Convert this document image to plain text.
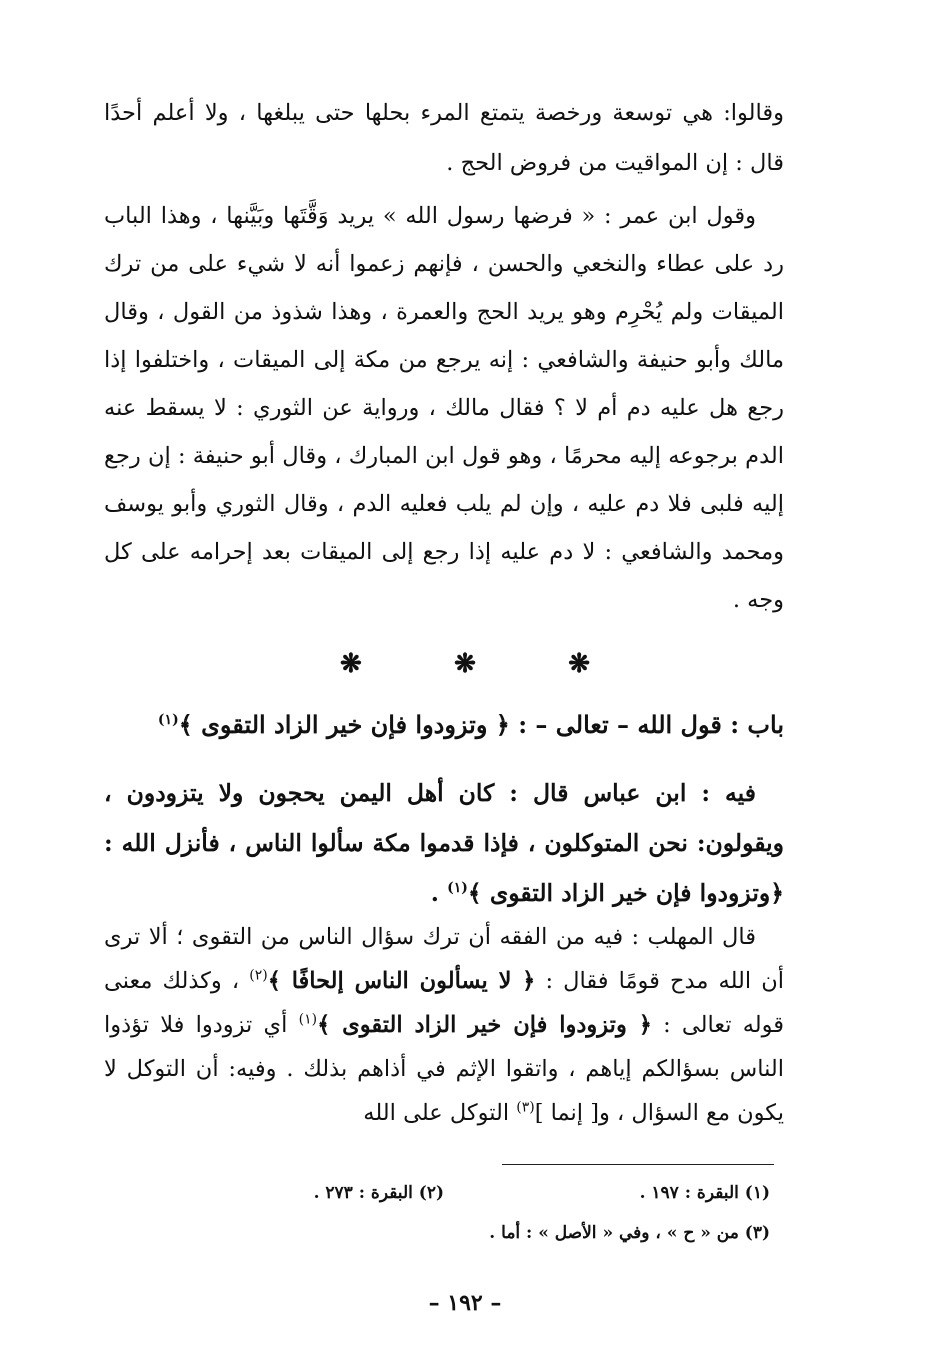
وقالوا: هي توسعة ورخصة يتمتع المرء بحلها حتى يبلغها ، ولا أعلم أحدًا قال : إن المواقيت من فروض الحج .

وقول ابن عمر : « فرضها رسول الله » يريد وَقَّتَها وبَيَّنها ، وهذا الباب رد على عطاء والنخعي والحسن ، فإنهم زعموا أنه لا شيء على من ترك الميقات ولم يُحْرِم وهو يريد الحج والعمرة ، وهذا شذوذ من القول ، وقال مالك وأبو حنيفة والشافعي : إنه يرجع من مكة إلى الميقات ، واختلفوا إذا رجع هل عليه دم أم لا ؟ فقال مالك ، ورواية عن الثوري : لا يسقط عنه الدم برجوعه إليه محرمًا ، وهو قول ابن المبارك ، وقال أبو حنيفة : إن رجع إليه فلبى فلا دم عليه ، وإن لم يلب فعليه الدم ، وقال الثوري وأبو يوسف ومحمد والشافعي : لا دم عليه إذا رجع إلى الميقات بعد إحرامه على كل وجه .

❋
❋
❋

باب : قول الله – تعالى – : ﴿ وتزودوا فإن خير الزاد التقوى ﴾$^{(١)}$

فيه : ابن عباس قال : كان أهل اليمن يحجون ولا يتزودون ، ويقولون: نحن المتوكلون ، فإذا قدموا مكة سألوا الناس ، فأنزل الله : ﴿وتزودوا فإن خير الزاد التقوى ﴾$^{(١)}$ .

قال المهلب : فيه من الفقه أن ترك سؤال الناس من التقوى ؛ ألا ترى أن الله مدح قومًا فقال : ﴿ لا يسألون الناس إلحافًا ﴾$^{(٢)}$ ، وكذلك معنى قوله تعالى : ﴿ وتزودوا فإن خير الزاد التقوى ﴾$^{(١)}$ أي تزودوا فلا تؤذوا الناس بسؤالكم إياهم ، واتقوا الإثم في أذاهم بذلك . وفيه: أن التوكل لا يكون مع السؤال ، و[ إنما ]$^{(٣)}$ التوكل على الله

(١) البقرة : ١٩٧ .
(٢) البقرة : ٢٧٣ .
(٣) من « ح » ، وفي « الأصل » : أما .
– ١٩٢ –
